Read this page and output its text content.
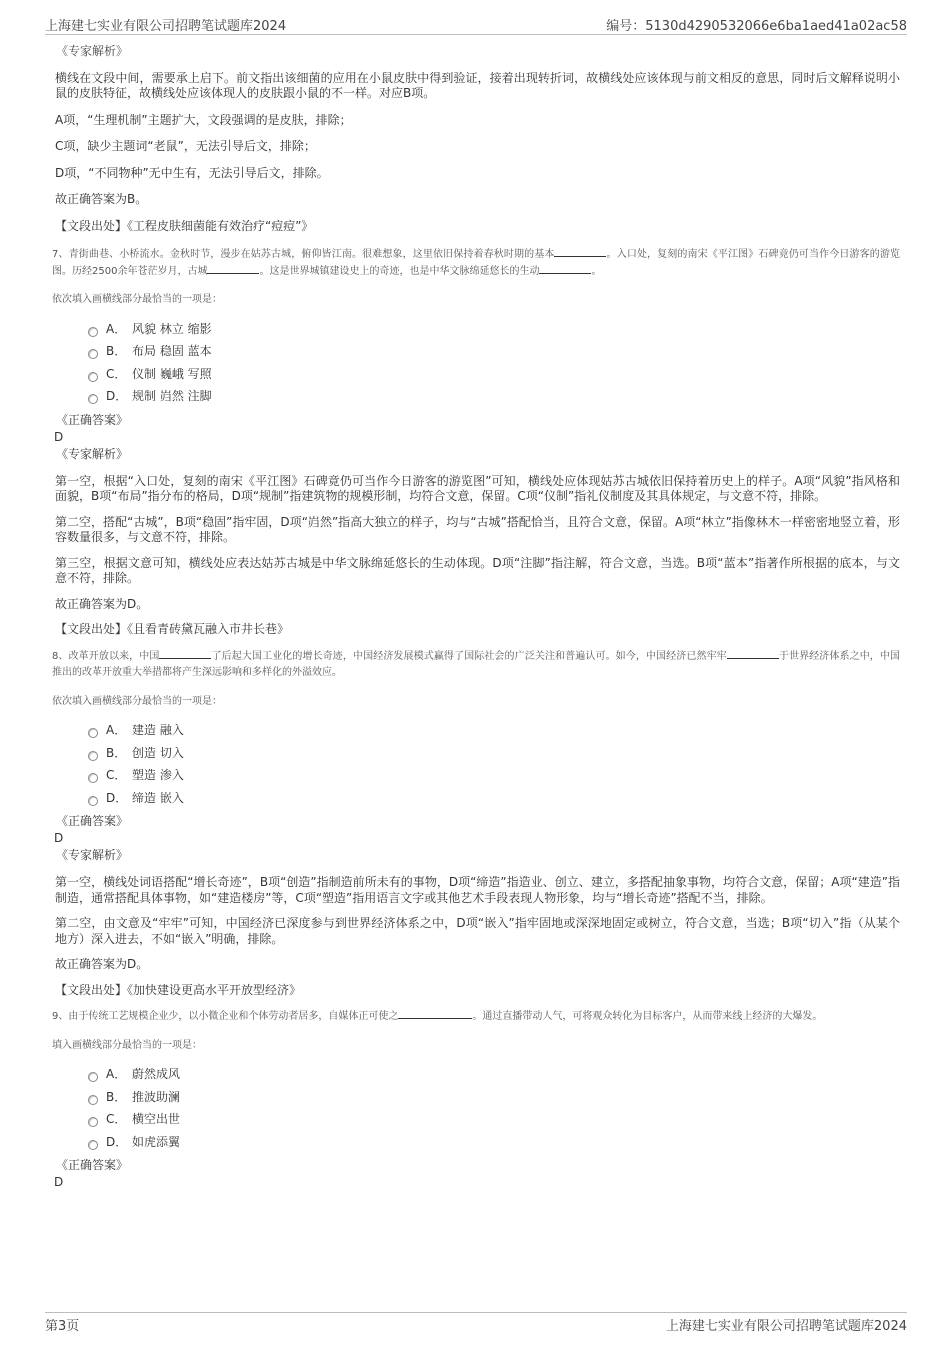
上海建七实业有限公司招聘笔试题库2024	编号：5130d4290532066e6ba1aed41a02ac58

《专家解析》

横线在文段中间，需要承上启下。前文指出该细菌的应用在小鼠皮肤中得到验证，接着出现转折词，故横线处应该体现与前文相反的意思，同时后文解释说明小鼠的皮肤特征，故横线处应该体现人的皮肤跟小鼠的不一样。对应B项。

A项，“生理机制”主题扩大，文段强调的是皮肤，排除；

C项，缺少主题词“老鼠”，无法引导后文，排除；

D项，“不同物种”无中生有，无法引导后文，排除。

故正确答案为B。

【文段出处】《工程皮肤细菌能有效治疗“痘痘”》

7、青街曲巷、小桥流水。金秋时节，漫步在姑苏古城，俯仰皆江南。很难想象，这里依旧保持着春秋时期的基本	。入口处，复刻的南宋《平江图》石碑竟仍可当作今日游客的游览图。历经2500余年苍茫岁月，古城	。这是世界城镇建设史上的奇迹，也是中华文脉绵延悠长的生动	。

依次填入画横线部分最恰当的一项是：

A． 风貌 林立 缩影
B． 布局 稳固 蓝本
C． 仪制 巍峨 写照
D． 规制 岿然 注脚

《正确答案》

D

《专家解析》

第一空，根据“入口处，复刻的南宋《平江图》石碑竟仍可当作今日游客的游览图”可知，横线处应体现姑苏古城依旧保持着历史上的样子。A项“风貌”指风格和面貌，B项“布局”指分布的格局，D项“规制”指建筑物的规模形制，均符合文意，保留。C项“仪制”指礼仪制度及其具体规定，与文意不符，排除。

第二空，搭配“古城”，B项“稳固”指牢固，D项“岿然”指高大独立的样子，均与“古城”搭配恰当，且符合文意，保留。A项“林立”指像林木一样密密地竖立着，形容数量很多，与文意不符，排除。

第三空，根据文意可知，横线处应表达姑苏古城是中华文脉绵延悠长的生动体现。D项“注脚”指注解，符合文意，当选。B项“蓝本”指著作所根据的底本，与文意不符，排除。

故正确答案为D。

【文段出处】《且看青砖黛瓦融入市井长巷》

8、改革开放以来，中国	了后起大国工业化的增长奇迹，中国经济发展模式赢得了国际社会的广泛关注和普遍认可。如今，中国经济已然牢牢	于世界经济体系之中，中国推出的改革开放重大举措都将产生深远影响和多样化的外溢效应。

依次填入画横线部分最恰当的一项是：

A． 建造 融入
B． 创造 切入
C． 塑造 渗入
D． 缔造 嵌入

《正确答案》

D

《专家解析》

第一空，横线处词语搭配“增长奇迹”，B项“创造”指制造前所未有的事物，D项“缔造”指造业、创立、建立，多搭配抽象事物，均符合文意，保留；A项“建造”指制造，通常搭配具体事物，如“建造楼房”等，C项“塑造”指用语言文字或其他艺术手段表现人物形象，均与“增长奇迹”搭配不当，排除。

第二空，由文意及“牢牢”可知，中国经济已深度参与到世界经济体系之中，D项“嵌入”指牢固地或深深地固定或树立，符合文意，当选；B项“切入”指（从某个地方）深入进去，不如“嵌入”明确，排除。

故正确答案为D。

【文段出处】《加快建设更高水平开放型经济》

9、由于传统工艺规模企业少，以小微企业和个体劳动者居多，自媒体正可使之	。通过直播带动人气，可将观众转化为目标客户，从而带来线上经济的大爆发。

填入画横线部分最恰当的一项是：

A． 蔚然成风
B． 推波助澜
C． 横空出世
D． 如虎添翼

《正确答案》

D

第3页	上海建七实业有限公司招聘笔试题库2024
